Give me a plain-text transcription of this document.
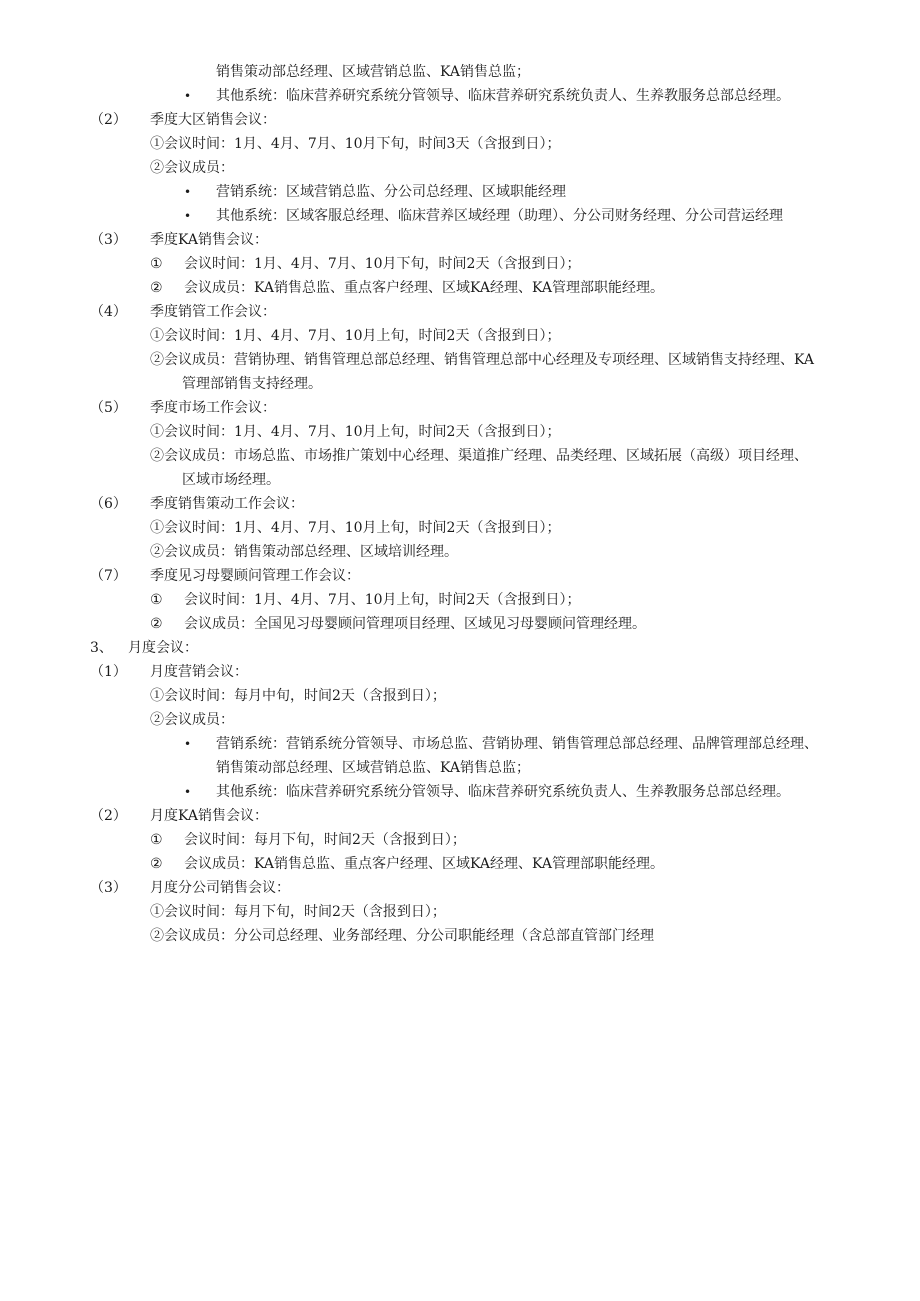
销售策动部总经理、区域营销总监、KA销售总监；
• 其他系统：临床营养研究系统分管领导、临床营养研究系统负责人、生养教服务总部总经理。
（2） 季度大区销售会议：
①会议时间：1月、4月、7月、10月下旬，时间3天（含报到日）；
②会议成员：
• 营销系统：区域营销总监、分公司总经理、区域职能经理
• 其他系统：区域客服总经理、临床营养区域经理（助理）、分公司财务经理、分公司营运经理
（3） 季度KA销售会议：
① 会议时间：1月、4月、7月、10月下旬，时间2天（含报到日）；
② 会议成员：KA销售总监、重点客户经理、区域KA经理、KA管理部职能经理。
（4） 季度销管工作会议：
①会议时间：1月、4月、7月、10月上旬，时间2天（含报到日）；
②会议成员：营销协理、销售管理总部总经理、销售管理总部中心经理及专项经理、区域销售支持经理、KA
管理部销售支持经理。
（5） 季度市场工作会议：
①会议时间：1月、4月、7月、10月上旬，时间2天（含报到日）；
②会议成员：市场总监、市场推广策划中心经理、渠道推广经理、品类经理、区域拓展（高级）项目经理、
区域市场经理。
（6） 季度销售策动工作会议：
①会议时间：1月、4月、7月、10月上旬，时间2天（含报到日）；
②会议成员：销售策动部总经理、区域培训经理。
（7） 季度见习母婴顾问管理工作会议：
① 会议时间：1月、4月、7月、10月上旬，时间2天（含报到日）；
② 会议成员：全国见习母婴顾问管理项目经理、区域见习母婴顾问管理经理。
3、 月度会议：
（1） 月度营销会议：
①会议时间：每月中旬，时间2天（含报到日）；
②会议成员：
• 营销系统：营销系统分管领导、市场总监、营销协理、销售管理总部总经理、品牌管理部总经理、
销售策动部总经理、区域营销总监、KA销售总监；
• 其他系统：临床营养研究系统分管领导、临床营养研究系统负责人、生养教服务总部总经理。
（2） 月度KA销售会议：
① 会议时间：每月下旬，时间2天（含报到日）；
② 会议成员：KA销售总监、重点客户经理、区域KA经理、KA管理部职能经理。
（3） 月度分公司销售会议：
①会议时间：每月下旬，时间2天（含报到日）；
②会议成员：分公司总经理、业务部经理、分公司职能经理（含总部直管部门经理
